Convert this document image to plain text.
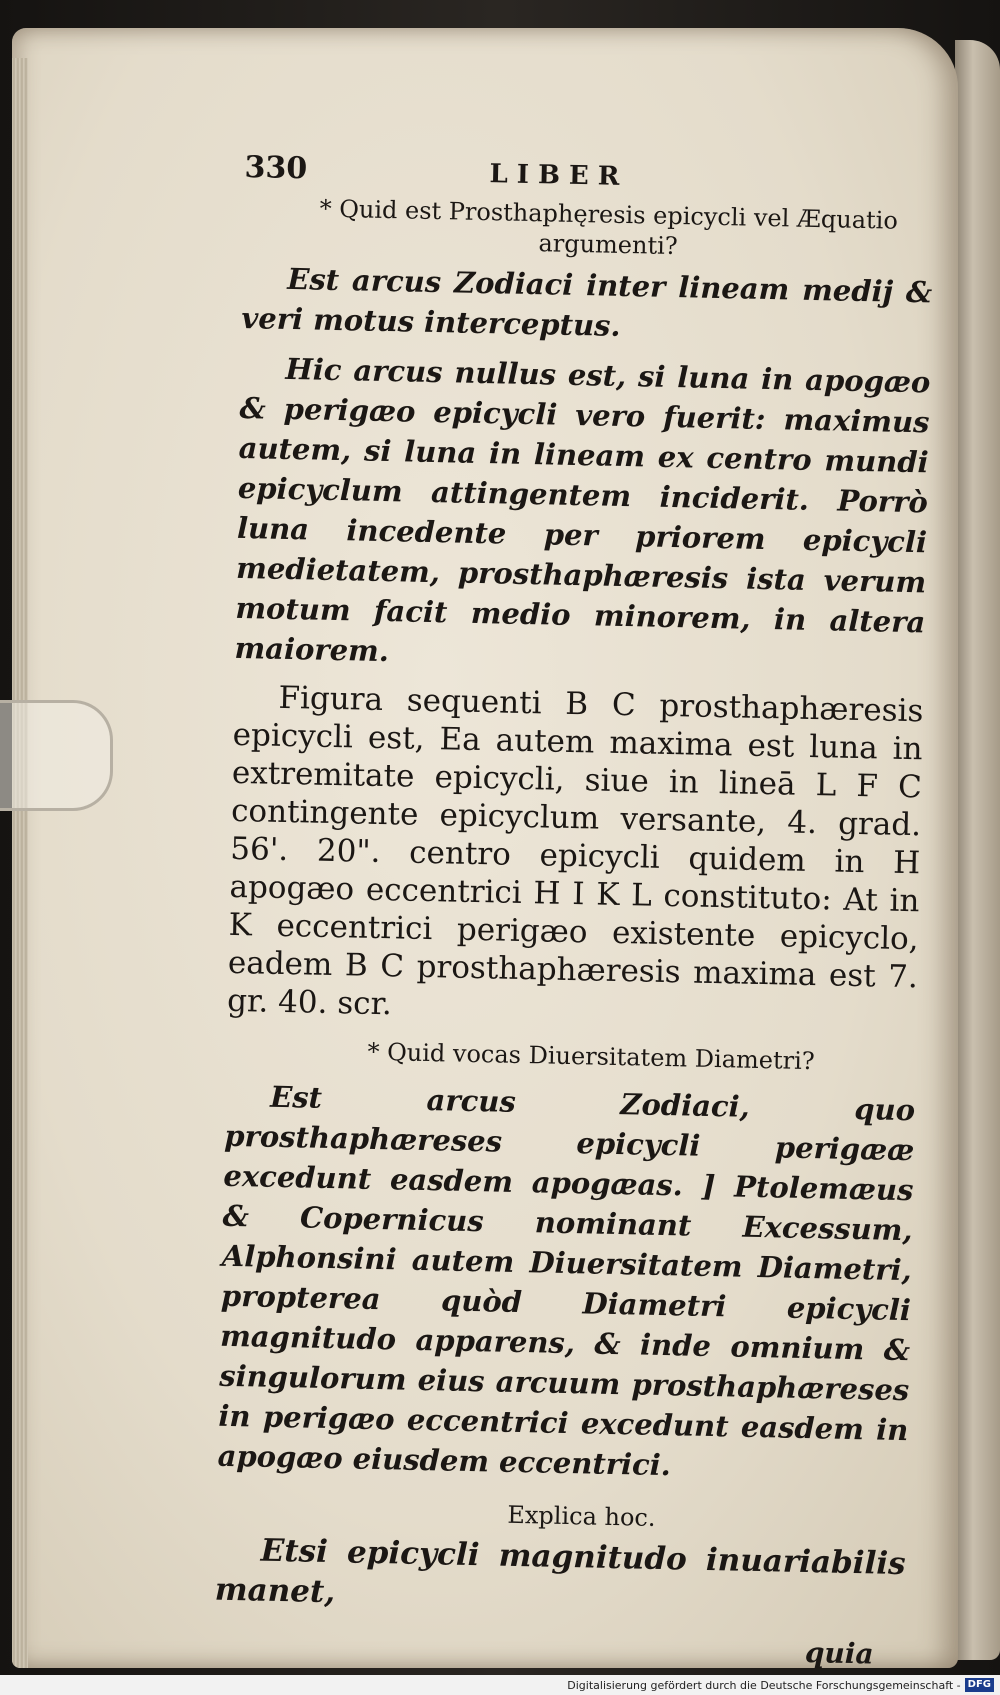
330	LIBER
* Quid est Prosthaphęresis epicycli vel Æquatio argumenti?

Est arcus Zodiaci inter lineam medij & veri motus interceptus.

Hic arcus nullus est, si luna in apogæo & perigæo epicycli vero fuerit: maximus autem, si luna in lineam ex centro mundi epicyclum attingentem inciderit. Porrò luna incedente per priorem epicycli medietatem, prosthaphæresis ista verum motum facit medio minorem, in altera maiorem.

Figura sequenti B C prosthaphæresis epicycli est, Ea autem maxima est luna in extremitate epicycli, siue in lineā L F C contingente epicyclum versante, 4. grad. 56'. 20". centro epicycli quidem in H apogæo eccentrici H I K L constituto: At in K eccentrici perigæo existente epicyclo, eadem B C prosthaphæresis maxima est 7. gr. 40. scr.

* Quid vocas Diuersitatem Diametri?

Est arcus Zodiaci, quo prosthaphæreses epicycli perigææ excedunt easdem apogæas. ] Ptolemæus & Copernicus nominant Excessum, Alphonsini autem Diuersitatem Diametri, propterea quòd Diametri epicycli magnitudo apparens, & inde omnium & singulorum eius arcuum prosthaphæreses in perigæo eccentrici excedunt easdem in apogæo eiusdem eccentrici.

Explica hoc.

Etsi epicycli magnitudo inuariabilis manet,

quia
Digitalisierung gefördert durch die Deutsche Forschungsgemeinschaft - DFG
